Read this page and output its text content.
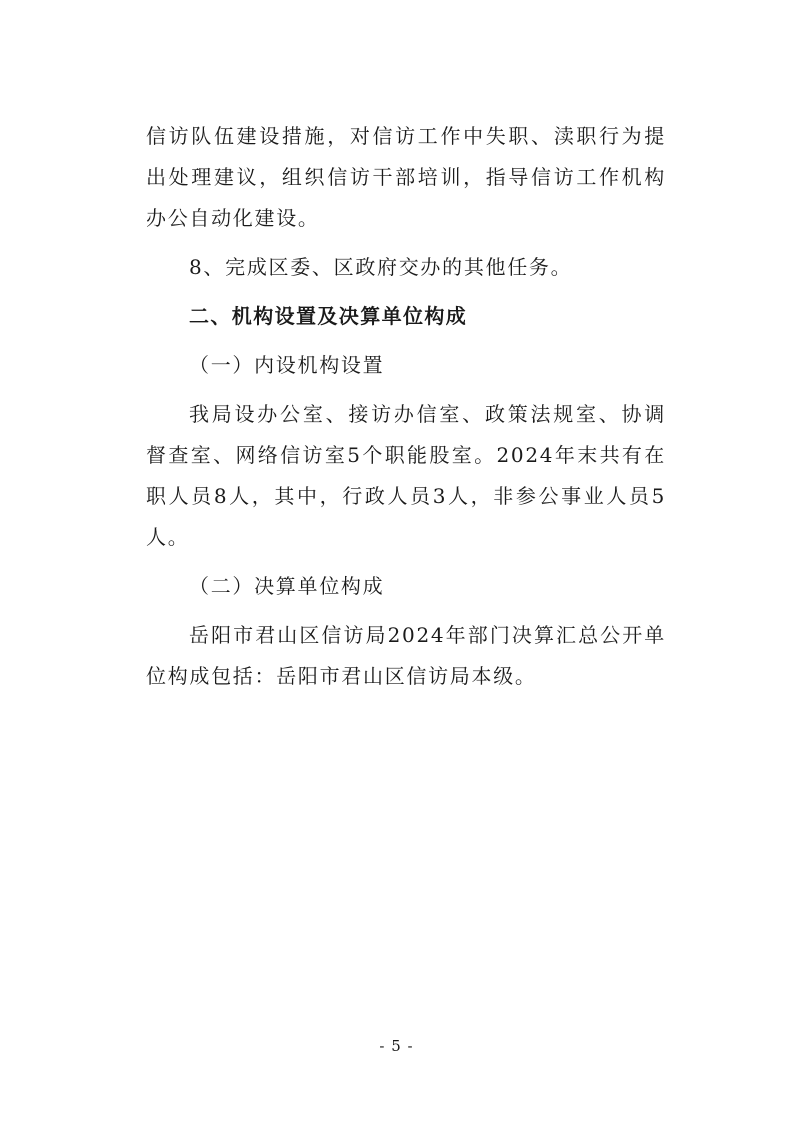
信访队伍建设措施，对信访工作中失职、渎职行为提出处理建议，组织信访干部培训，指导信访工作机构办公自动化建设。

8、完成区委、区政府交办的其他任务。

二、机构设置及决算单位构成

（一）内设机构设置

我局设办公室、接访办信室、政策法规室、协调督查室、网络信访室5个职能股室。2024年末共有在职人员8人，其中，行政人员3人，非参公事业人员5人。

（二）决算单位构成

岳阳市君山区信访局2024年部门决算汇总公开单位构成包括：岳阳市君山区信访局本级。

- 5 -
